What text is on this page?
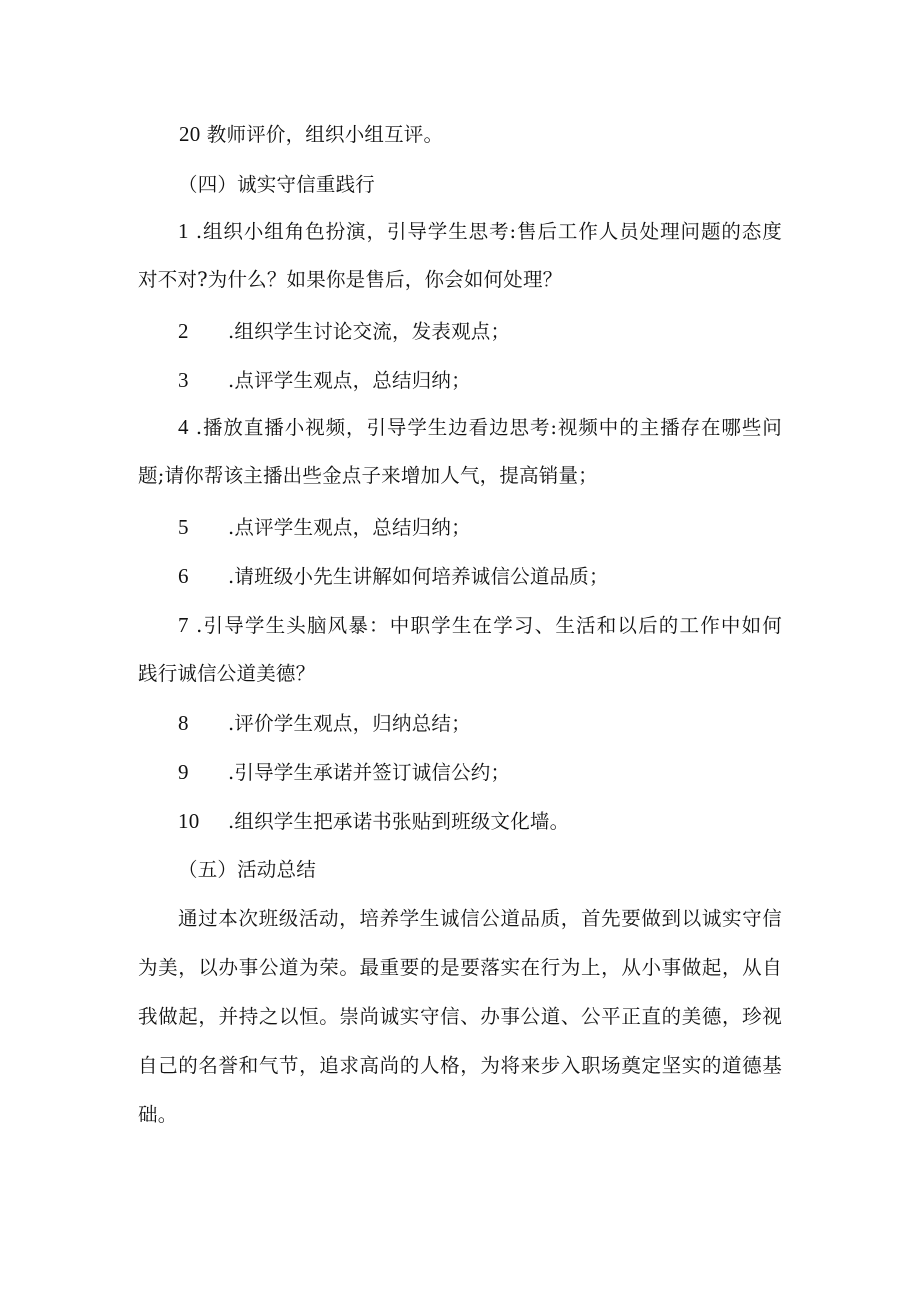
20 教师评价，组织小组互评。
（四）诚实守信重践行
1 .组织小组角色扮演，引导学生思考:售后工作人员处理问题的态度
对不对?为什么？如果你是售后，你会如何处理？
2 .组织学生讨论交流，发表观点；
3 .点评学生观点，总结归纳；
4 .播放直播小视频，引导学生边看边思考:视频中的主播存在哪些问
题;请你帮该主播出些金点子来增加人气，提高销量；
5 .点评学生观点，总结归纳；
6 .请班级小先生讲解如何培养诚信公道品质；
7 .引导学生头脑风暴：中职学生在学习、生活和以后的工作中如何
践行诚信公道美德？
8 .评价学生观点，归纳总结；
9 .引导学生承诺并签订诚信公约；
10 .组织学生把承诺书张贴到班级文化墙。
（五）活动总结
通过本次班级活动，培养学生诚信公道品质，首先要做到以诚实守信
为美，以办事公道为荣。最重要的是要落实在行为上，从小事做起，从自
我做起，并持之以恒。崇尚诚实守信、办事公道、公平正直的美德，珍视
自己的名誉和气节，追求高尚的人格，为将来步入职场奠定坚实的道德基
础。
